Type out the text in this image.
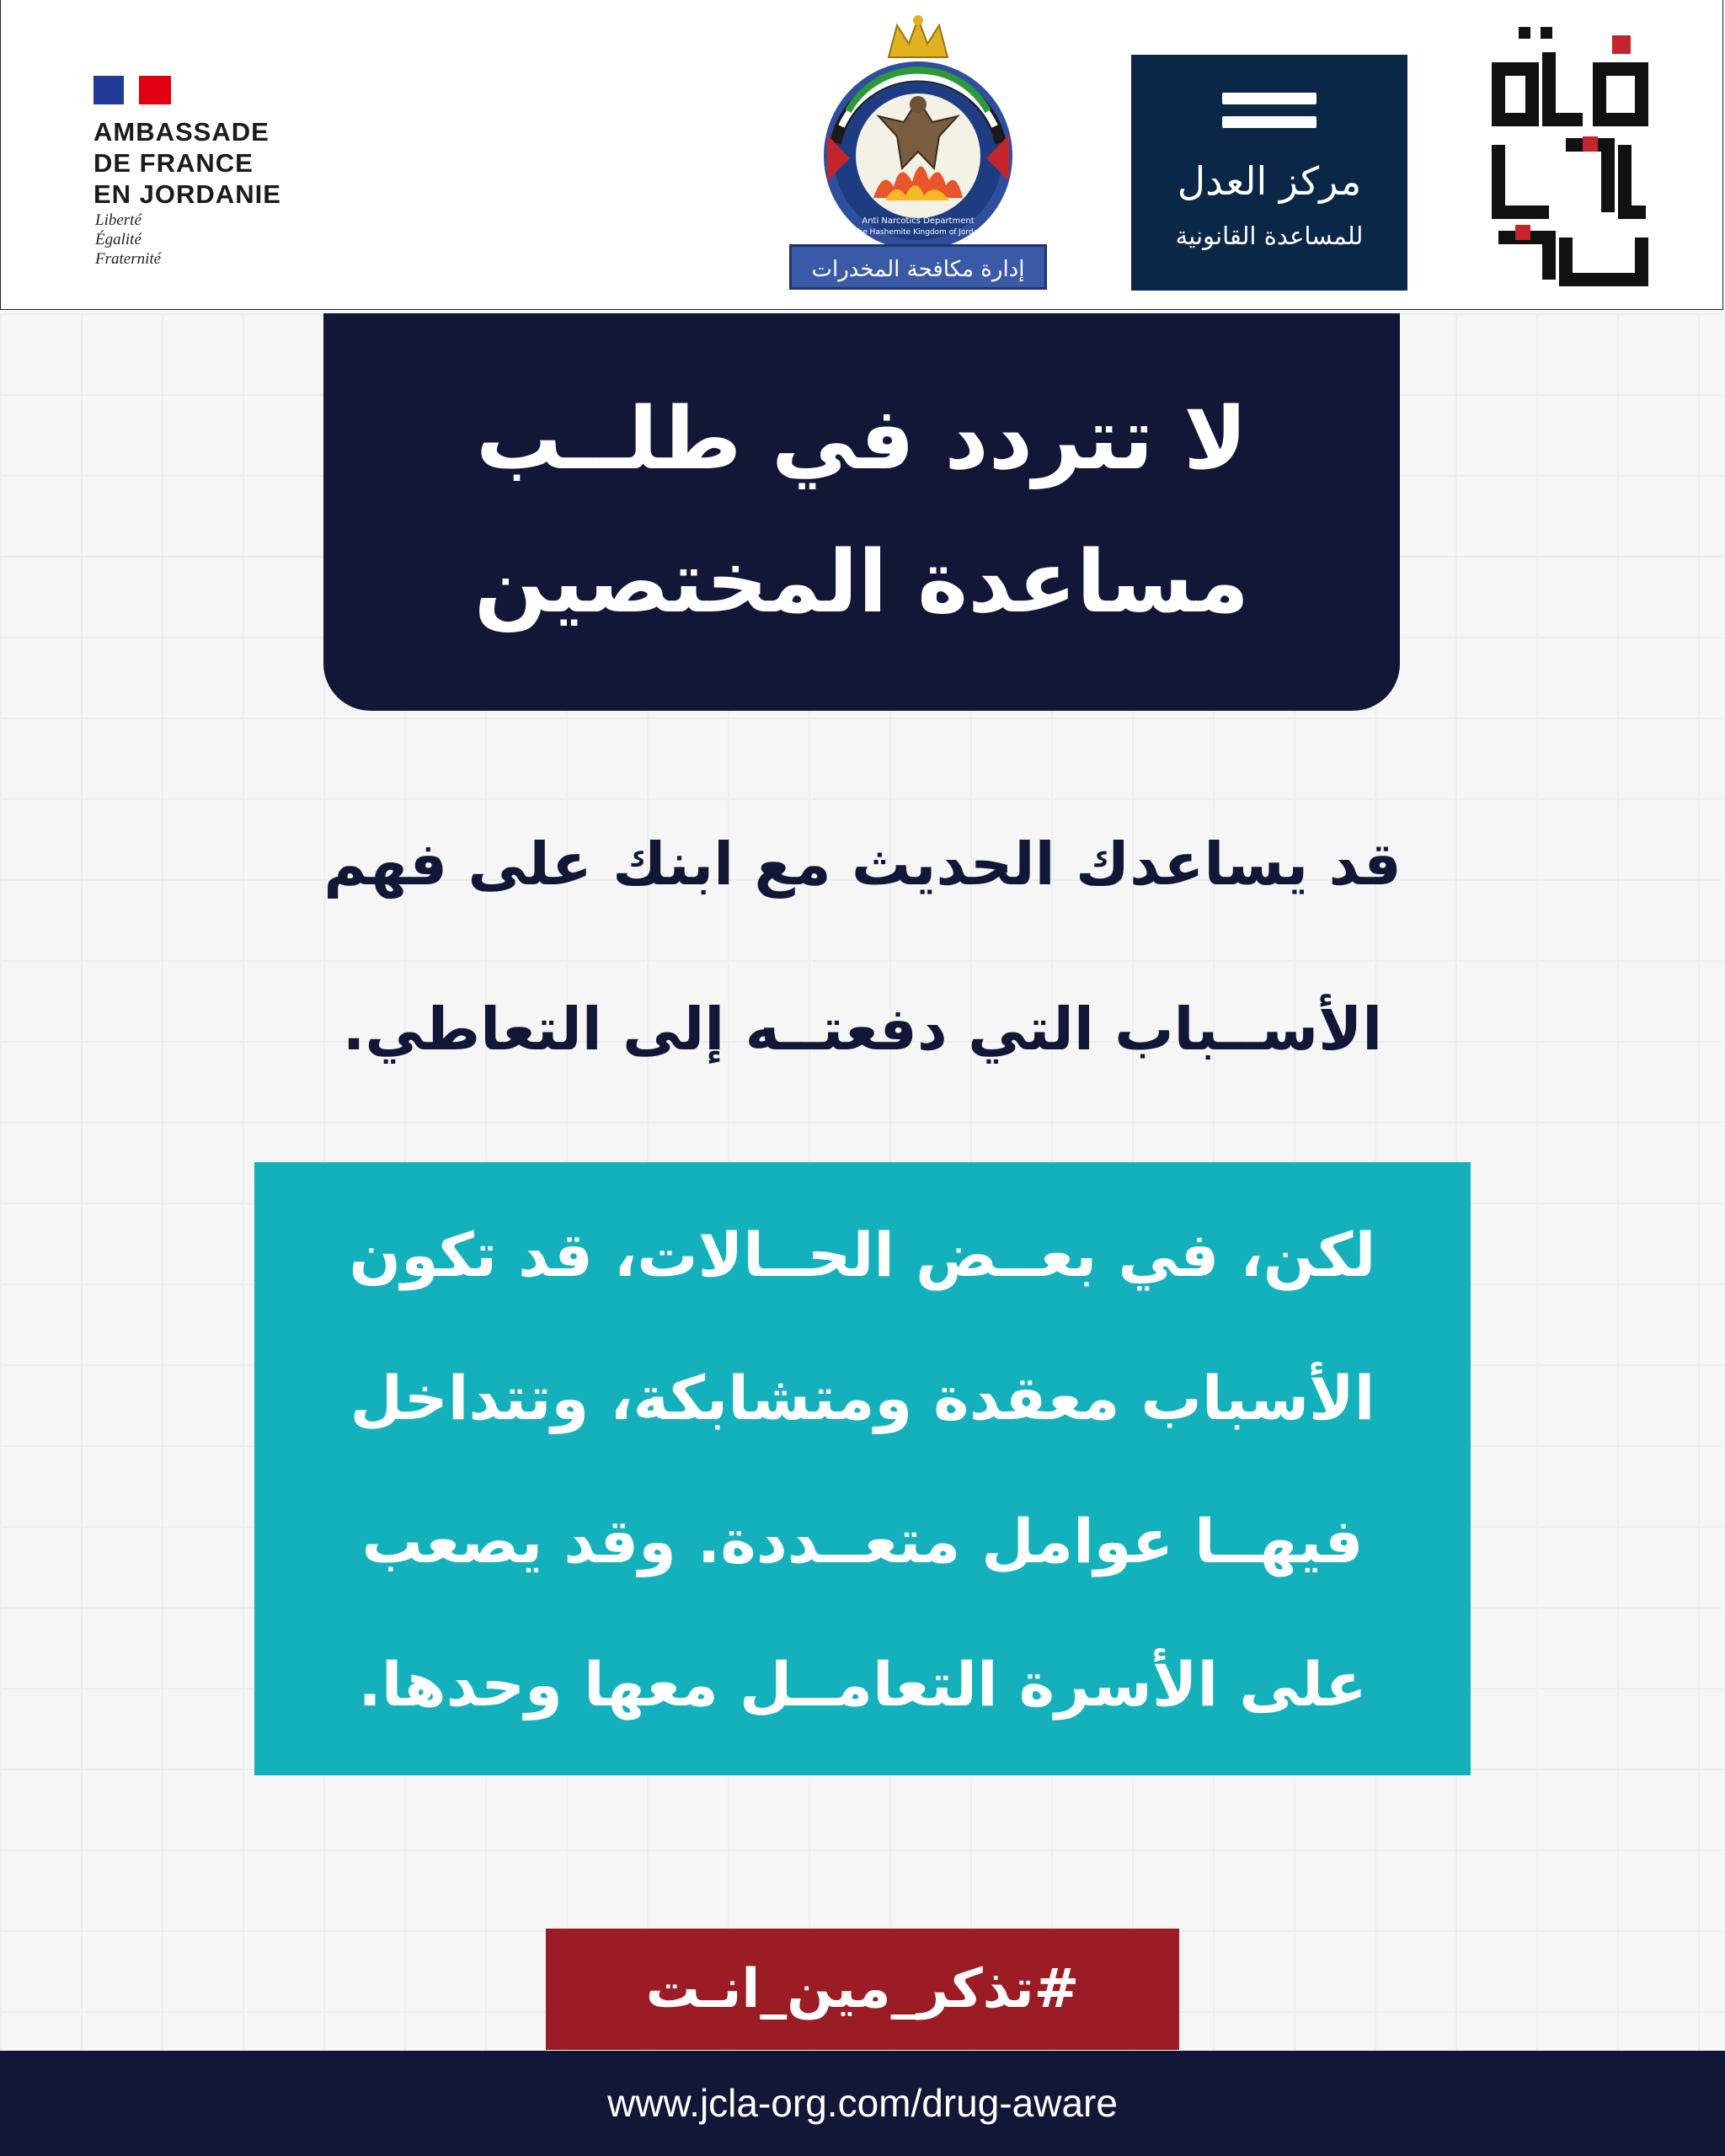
AMBASSADE
DE FRANCE
EN JORDANIE
Liberté
Égalité
Fraternité
Anti Narcotics Department
The Hashemite Kingdom of Jordan
إدارة مكافحة المخدرات
مركز العدل
للمساعدة القانونية
لا تتردد في طلــب
مساعدة المختصين
قد يساعدك الحديث مع ابنك على فهم
الأســباب التي دفعتــه إلى التعاطي.
لكن، في بعــض الحــالات، قد تكون
الأسباب معقدة ومتشابكة، وتتداخل
فيهــا عوامل متعــددة. وقد يصعب
على الأسرة التعامــل معها وحدها.
#تذكر_مين_انـت
www.jcla-org.com/drug-aware
